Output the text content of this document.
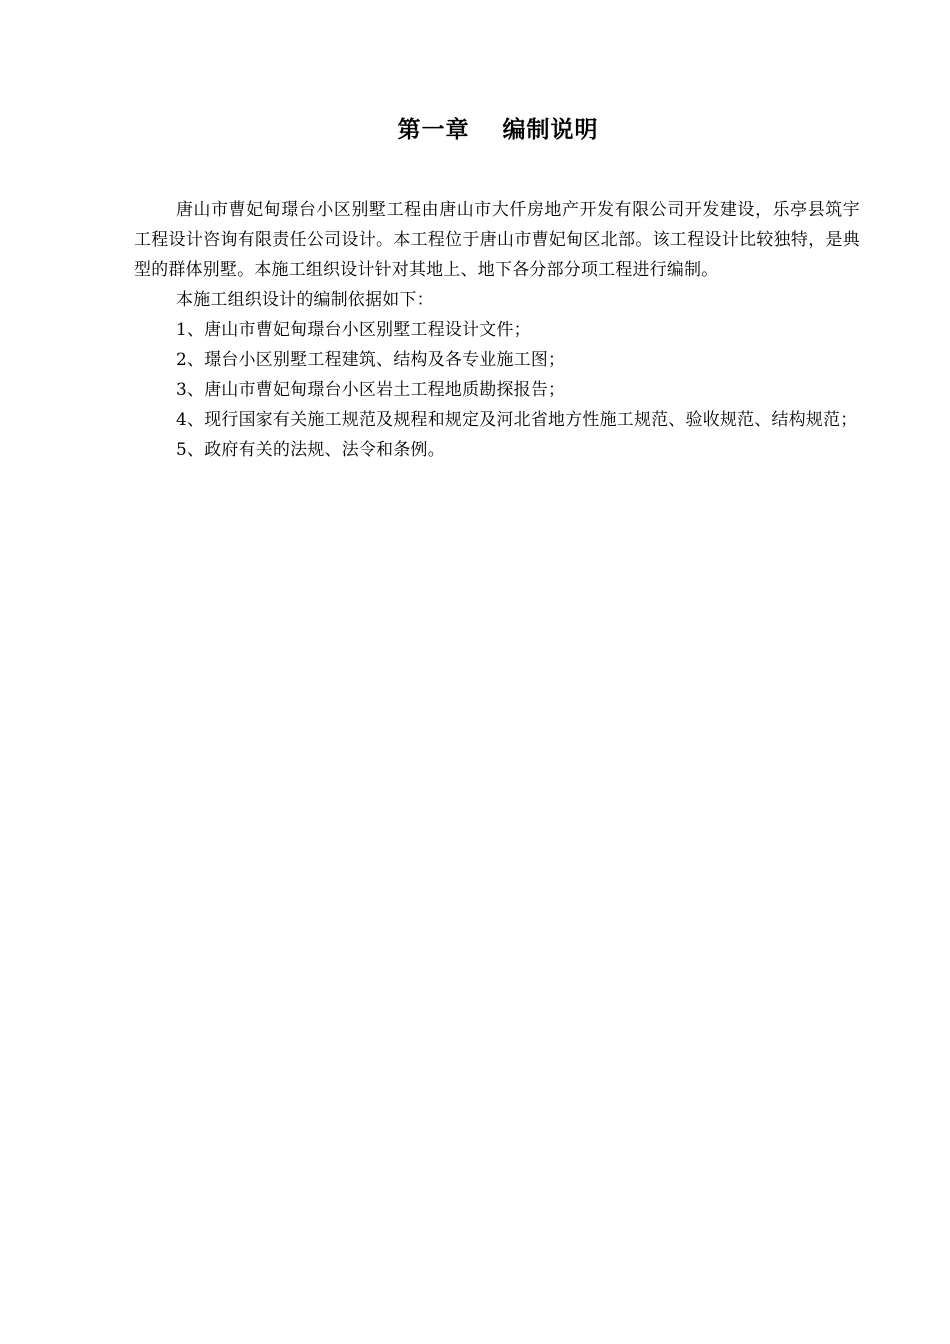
第一章　 编制说明

唐山市曹妃甸璟台小区别墅工程由唐山市大仟房地产开发有限公司开发建设，乐亭县筑宇工程设计咨询有限责任公司设计。本工程位于唐山市曹妃甸区北部。该工程设计比较独特，是典型的群体别墅。本施工组织设计针对其地上、地下各分部分项工程进行编制。

本施工组织设计的编制依据如下：

1、唐山市曹妃甸璟台小区别墅工程设计文件；

2、璟台小区别墅工程建筑、结构及各专业施工图；

3、唐山市曹妃甸璟台小区岩土工程地质勘探报告；

4、现行国家有关施工规范及规程和规定及河北省地方性施工规范、验收规范、结构规范；

5、政府有关的法规、法令和条例。
